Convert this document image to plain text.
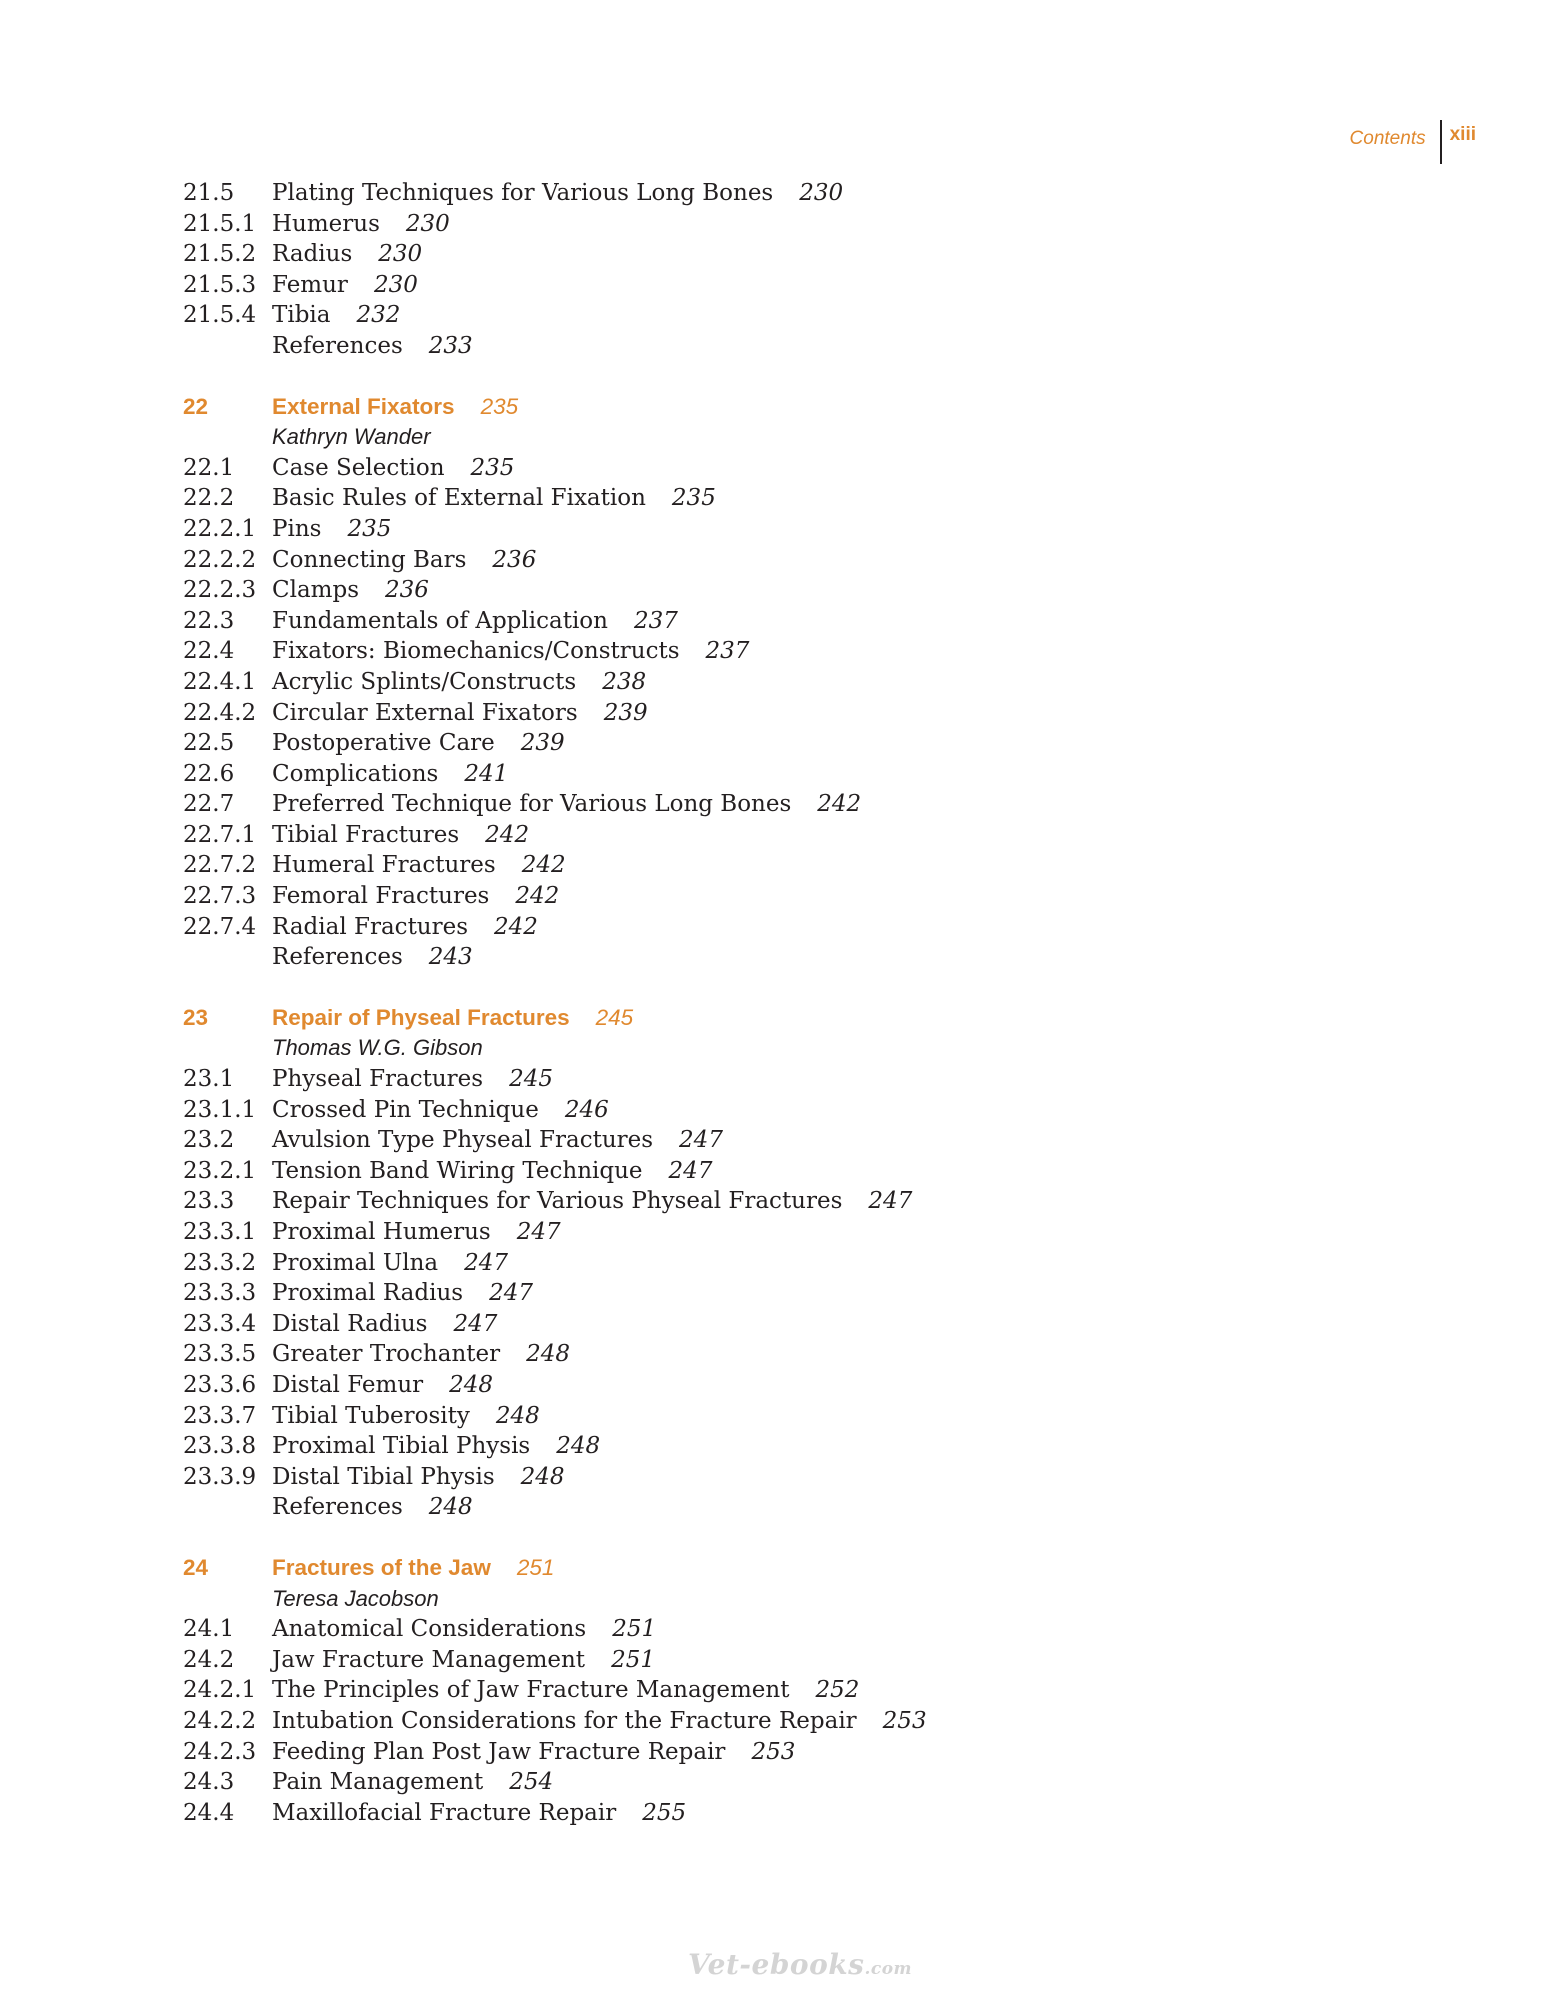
Contents	xiii
21.5	Plating Techniques for Various Long Bones 230
21.5.1 Humerus 230
21.5.2 Radius 230
21.5.3 Femur 230
21.5.4 Tibia 232
References 233
22	External Fixators 235
Kathryn Wander
22.1	Case Selection 235
22.2	Basic Rules of External Fixation 235
22.2.1 Pins 235
22.2.2 Connecting Bars 236
22.2.3 Clamps 236
22.3	Fundamentals of Application 237
22.4	Fixators: Biomechanics/Constructs 237
22.4.1 Acrylic Splints/Constructs 238
22.4.2 Circular External Fixators 239
22.5	Postoperative Care 239
22.6	Complications 241
22.7	Preferred Technique for Various Long Bones 242
22.7.1 Tibial Fractures 242
22.7.2 Humeral Fractures 242
22.7.3 Femoral Fractures 242
22.7.4 Radial Fractures 242
References 243
23	Repair of Physeal Fractures 245
Thomas W.G. Gibson
23.1	Physeal Fractures 245
23.1.1 Crossed Pin Technique 246
23.2	Avulsion Type Physeal Fractures 247
23.2.1 Tension Band Wiring Technique 247
23.3	Repair Techniques for Various Physeal Fractures 247
23.3.1 Proximal Humerus 247
23.3.2 Proximal Ulna 247
23.3.3 Proximal Radius 247
23.3.4 Distal Radius 247
23.3.5 Greater Trochanter 248
23.3.6 Distal Femur 248
23.3.7 Tibial Tuberosity 248
23.3.8 Proximal Tibial Physis 248
23.3.9 Distal Tibial Physis 248
References 248
24	Fractures of the Jaw 251
Teresa Jacobson
24.1	Anatomical Considerations 251
24.2	Jaw Fracture Management 251
24.2.1 The Principles of Jaw Fracture Management 252
24.2.2 Intubation Considerations for the Fracture Repair 253
24.2.3 Feeding Plan Post Jaw Fracture Repair 253
24.3	Pain Management 254
24.4	Maxillofacial Fracture Repair 255
Vet-ebooks.com
